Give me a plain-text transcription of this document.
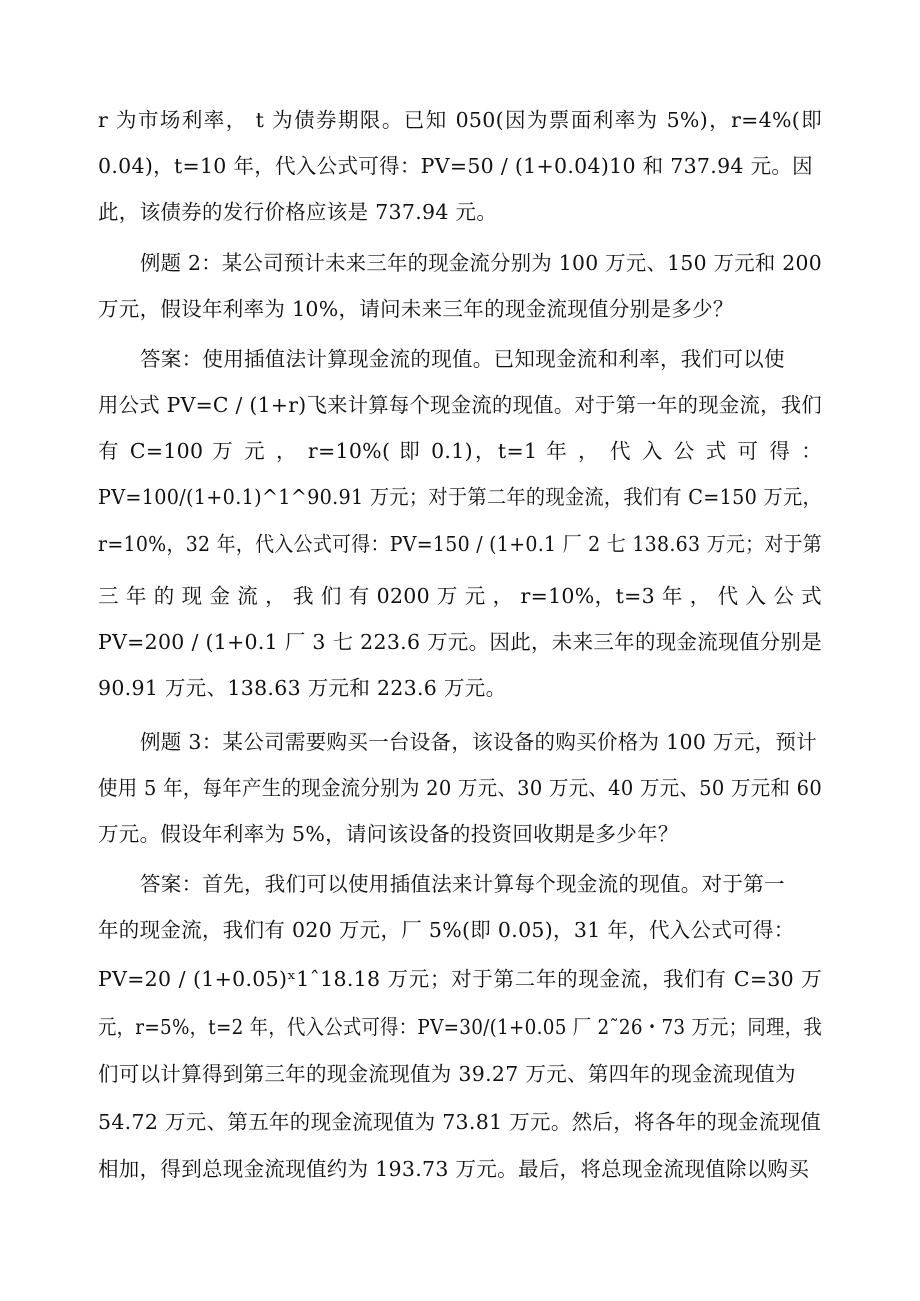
r 为市场利率， t 为债券期限。已知 050(因为票面利率为 5%)，r=4%(即

0.04)，t=10 年，代入公式可得：PV=50 / (1+0.04)10 和 737.94 元。因

此，该债券的发行价格应该是 737.94 元。

例题 2：某公司预计未来三年的现金流分别为 100 万元、150 万元和 200

万元，假设年利率为 10%，请问未来三年的现金流现值分别是多少？

答案：使用插值法计算现金流的现值。已知现金流和利率，我们可以使

用公式 PV=C / (1+r)飞来计算每个现金流的现值。对于第一年的现金流，我们

有 C=100 万 元 ， r=10%( 即 0.1)，t=1 年 ， 代 入 公 式 可 得 ：

PV=100/(1+0.1)^1^90.91 万元；对于第二年的现金流，我们有 C=150 万元，

r=10%，32 年，代入公式可得：PV=150 / (1+0.1 厂 2 七 138.63 万元；对于第

三 年 的 现 金 流 ， 我 们 有 0200 万 元 ， r=10%，t=3 年 ， 代 入 公 式

PV=200 / (1+0.1 厂 3 七 223.6 万元。因此，未来三年的现金流现值分别是

90.91 万元、138.63 万元和 223.6 万元。

例题 3：某公司需要购买一台设备，该设备的购买价格为 100 万元，预计

使用 5 年，每年产生的现金流分别为 20 万元、30 万元、40 万元、50 万元和 60

万元。假设年利率为 5%，请问该设备的投资回收期是多少年？

答案：首先，我们可以使用插值法来计算每个现金流的现值。对于第一

年的现金流，我们有 020 万元，厂 5%(即 0.05)，31 年，代入公式可得：

PV=20 / (1+0.05)ˣ1ˆ18.18 万元；对于第二年的现金流，我们有 C=30 万

元，r=5%，t=2 年，代入公式可得：PV=30/(1+0.05 厂 2˜26・73 万元；同理，我

们可以计算得到第三年的现金流现值为 39.27 万元、第四年的现金流现值为

54.72 万元、第五年的现金流现值为 73.81 万元。然后，将各年的现金流现值

相加，得到总现金流现值约为 193.73 万元。最后，将总现金流现值除以购买
